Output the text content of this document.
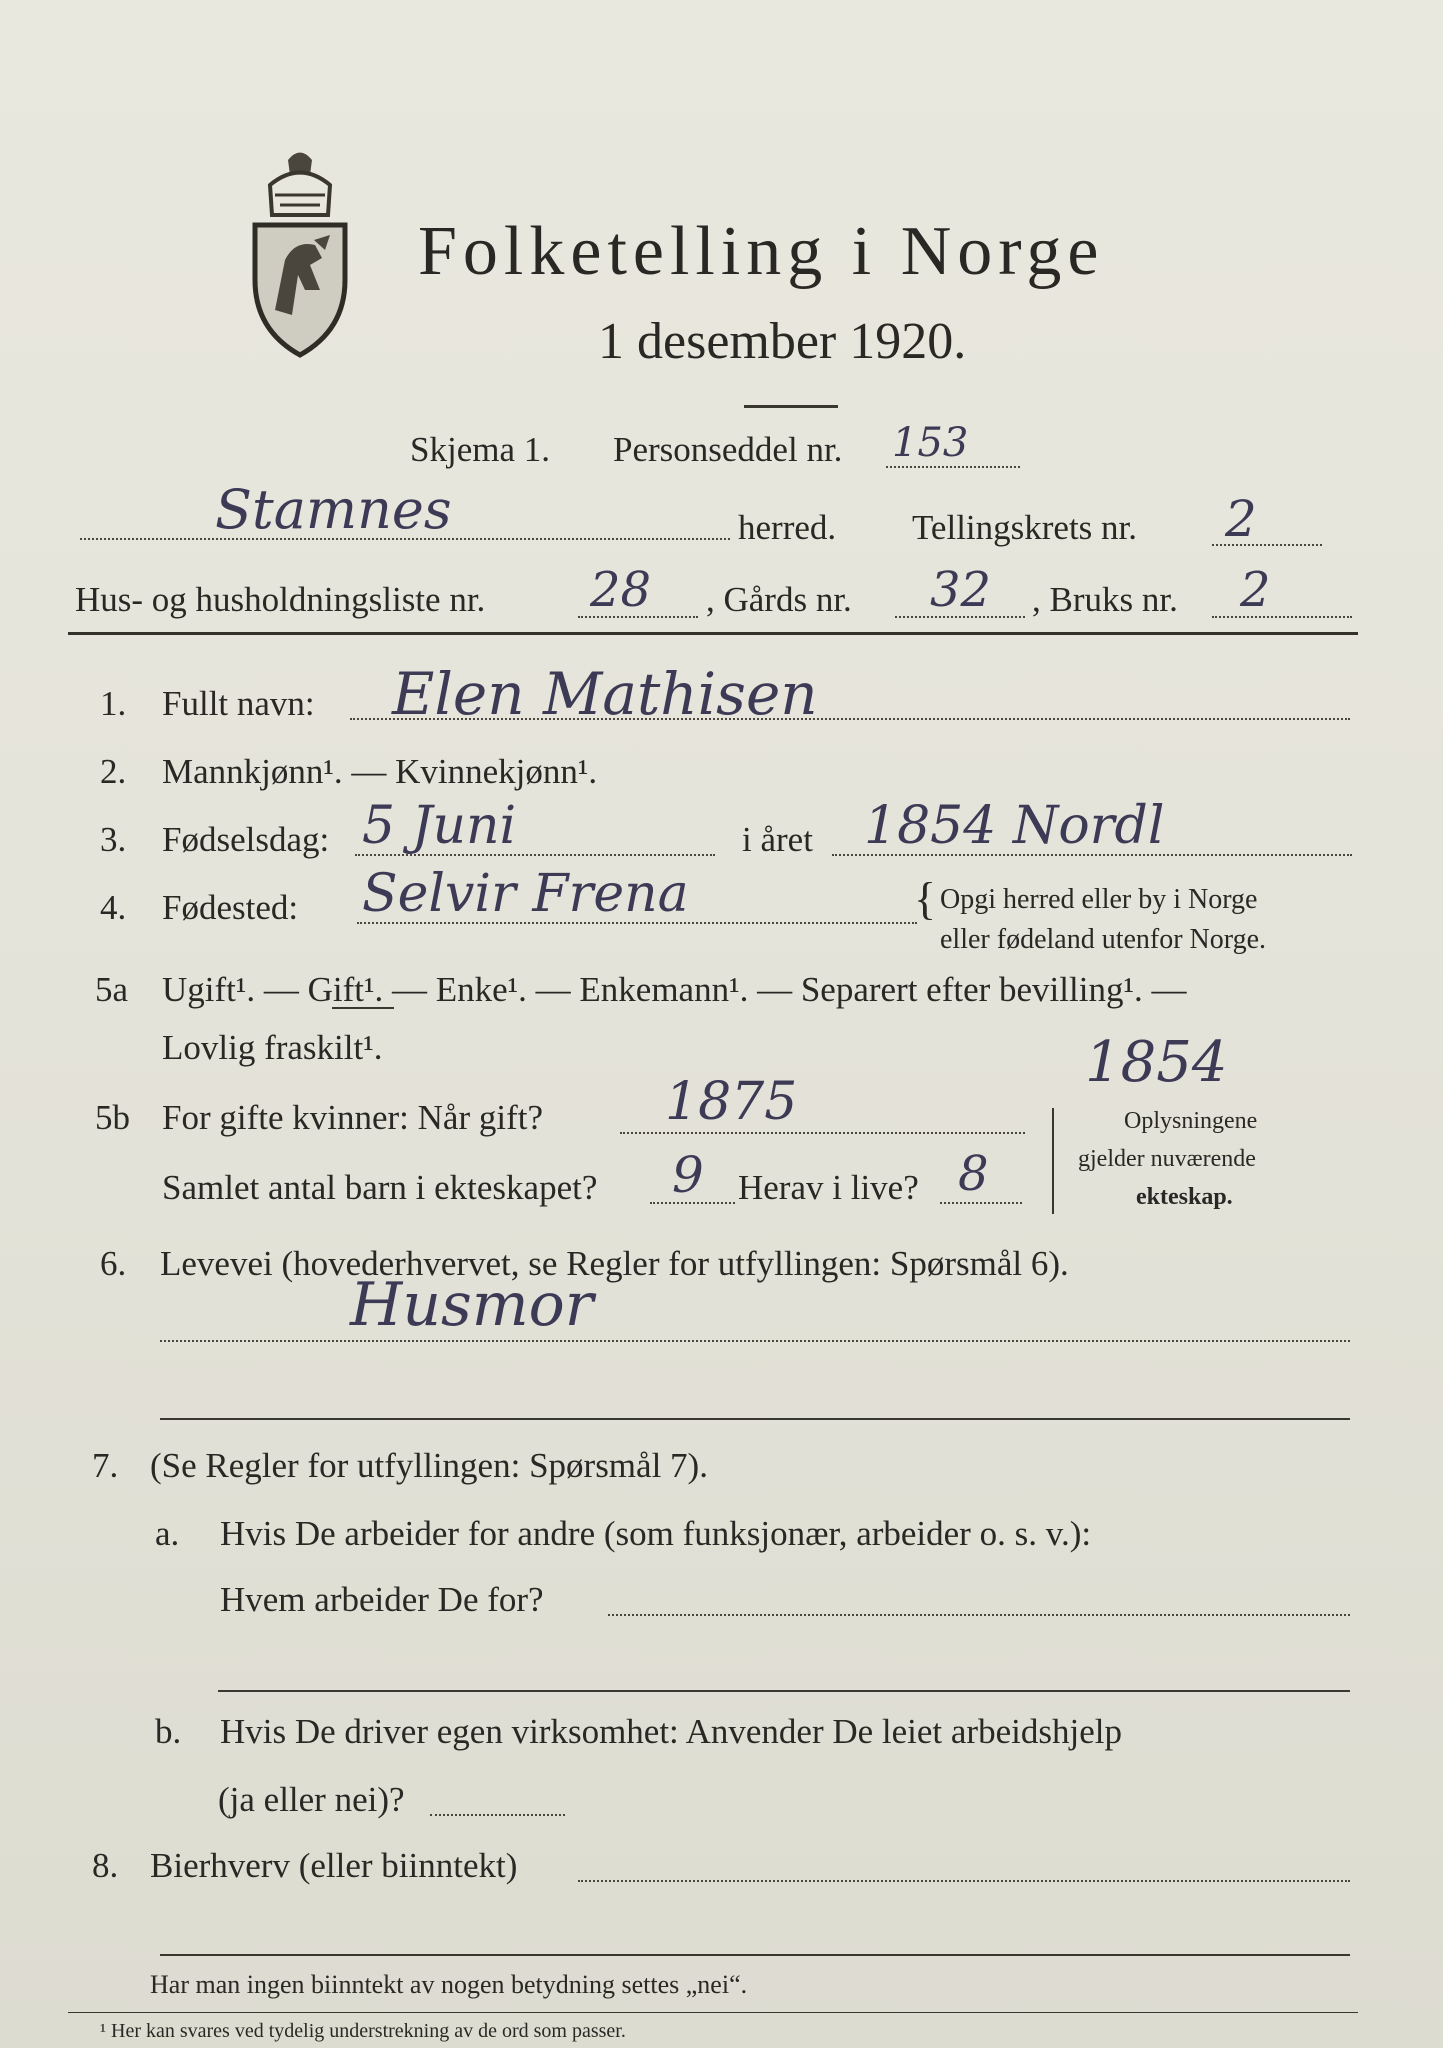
Folketelling i Norge
1 desember 1920.
Skjema 1. Personseddel nr. 153
Stamnes	herred. Tellingskrets nr. 2
Hus- og husholdningsliste nr. 28 , Gårds nr. 32 , Bruks nr. 2
1. Fullt navn: Elen Mathisen
2. Mannkjønn¹. — Kvinnekjønn¹.
3. Fødselsdag: 5 Juni	i året 1854 Nordl
4. Fødested: Selvir Frena	{ Opgi herred eller by i Norge
eller fødeland utenfor Norge.
5a Ugift¹. — Gift¹. — Enke¹. — Enkemann¹. — Separert efter bevilling¹. —
Lovlig fraskilt¹.	1854
5b For gifte kvinner: Når gift? 1875
Samlet antal barn i ekteskapet? 9 Herav i live? 8
Oplysningene
gjelder nuværende
ekteskap.
6. Levevei (hovederhvervet, se Regler for utfyllingen: Spørsmål 6).
Husmor
7. (Se Regler for utfyllingen: Spørsmål 7).
a. Hvis De arbeider for andre (som funksjonær, arbeider o. s. v.):
Hvem arbeider De for?
b. Hvis De driver egen virksomhet: Anvender De leiet arbeidshjelp
(ja eller nei)?
8. Bierhverv (eller biinntekt)
Har man ingen biinntekt av nogen betydning settes „nei“.
¹ Her kan svares ved tydelig understrekning av de ord som passer.
